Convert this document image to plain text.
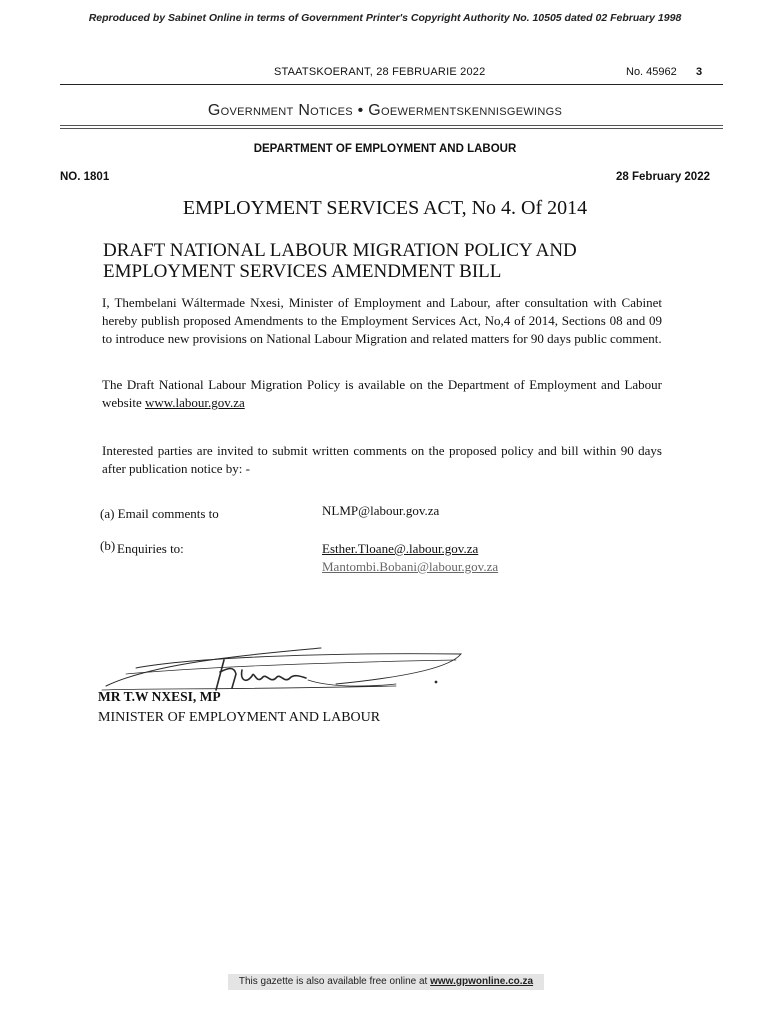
Reproduced by Sabinet Online in terms of Government Printer's Copyright Authority No. 10505 dated 02 February 1998
STAATSKOERANT, 28 FEBRUARIE 2022	No. 45962 3
Government Notices • Goewermentskennisgewings
DEPARTMENT OF EMPLOYMENT AND LABOUR
NO. 1801	28 February 2022
EMPLOYMENT SERVICES ACT, No 4. Of 2014
DRAFT NATIONAL LABOUR MIGRATION POLICY AND EMPLOYMENT SERVICES AMENDMENT BILL

I, Thembelani Wáltermade Nxesi, Minister of Employment and Labour, after consultation with Cabinet hereby publish proposed Amendments to the Employment Services Act, No,4 of 2014, Sections 08 and 09 to introduce new provisions on National Labour Migration and related matters for 90 days public comment.

The Draft National Labour Migration Policy is available on the Department of Employment and Labour website www.labour.gov.za

Interested parties are invited to submit written comments on the proposed policy and bill within 90 days after publication notice by: -

(a) Email comments to	NLMP@labour.gov.za
(b) Enquiries to:	Esther.Tloane@.labour.gov.za
Mantombi.Bobani@labour.gov.za
MR T.W NXESI, MP
MINISTER OF EMPLOYMENT AND LABOUR
This gazette is also available free online at www.gpwonline.co.za
